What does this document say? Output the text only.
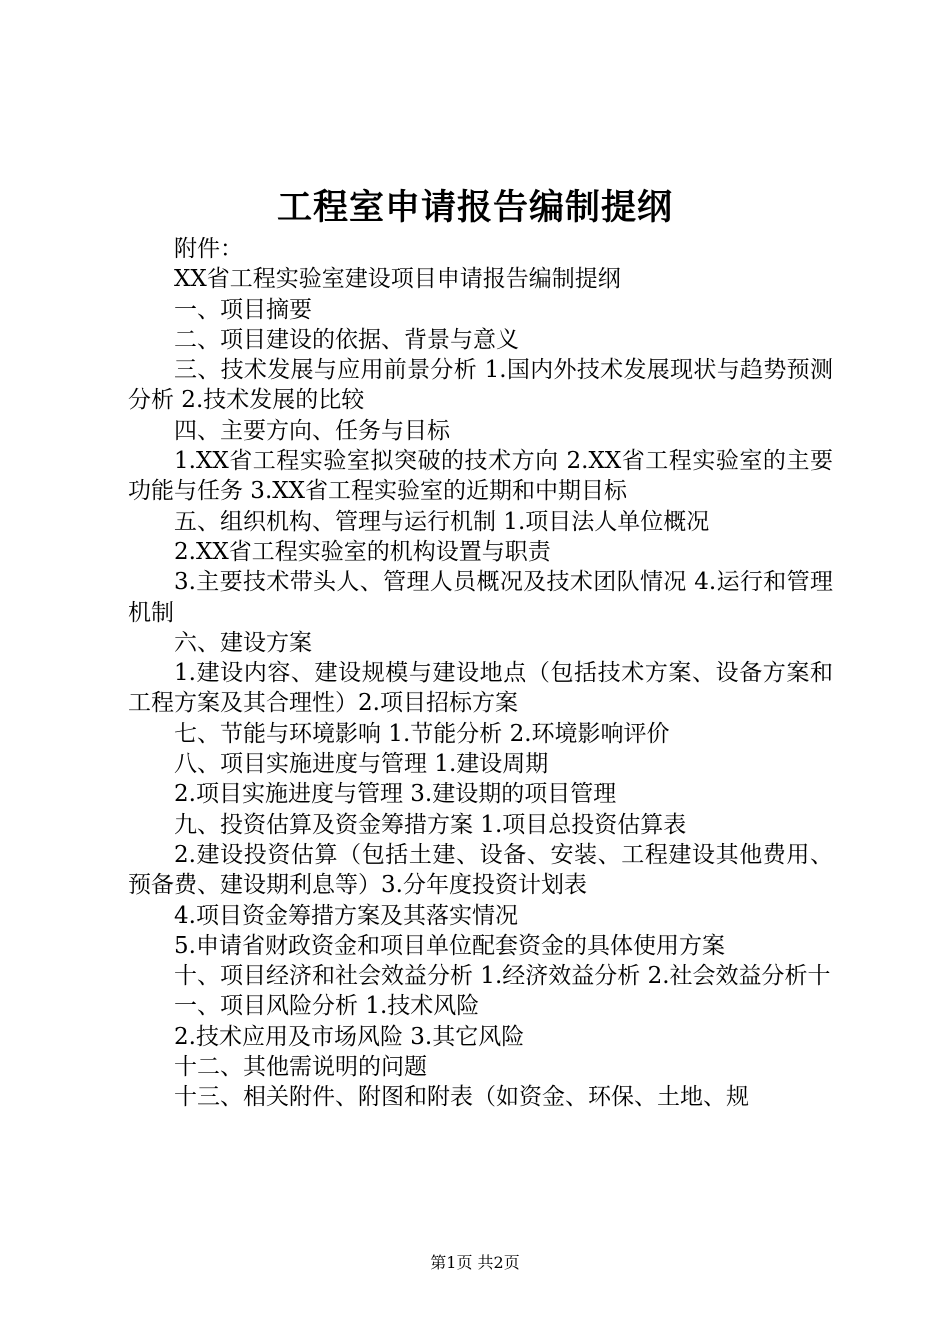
工程室申请报告编制提纲

附件：

XX省工程实验室建设项目申请报告编制提纲

一、项目摘要

二、项目建设的依据、背景与意义

三、技术发展与应用前景分析 1.国内外技术发展现状与趋势预测分析 2.技术发展的比较

四、主要方向、任务与目标

1.XX省工程实验室拟突破的技术方向 2.XX省工程实验室的主要功能与任务 3.XX省工程实验室的近期和中期目标

五、组织机构、管理与运行机制 1.项目法人单位概况

2.XX省工程实验室的机构设置与职责

3.主要技术带头人、管理人员概况及技术团队情况 4.运行和管理机制

六、建设方案

1.建设内容、建设规模与建设地点（包括技术方案、设备方案和工程方案及其合理性）2.项目招标方案

七、节能与环境影响 1.节能分析 2.环境影响评价

八、项目实施进度与管理 1.建设周期

2.项目实施进度与管理 3.建设期的项目管理

九、投资估算及资金筹措方案 1.项目总投资估算表

2.建设投资估算（包括土建、设备、安装、工程建设其他费用、预备费、建设期利息等）3.分年度投资计划表

4.项目资金筹措方案及其落实情况

5.申请省财政资金和项目单位配套资金的具体使用方案

十、项目经济和社会效益分析 1.经济效益分析 2.社会效益分析十

一、项目风险分析 1.技术风险

2.技术应用及市场风险 3.其它风险

十二、其他需说明的问题

十三、相关附件、附图和附表（如资金、环保、土地、规

第1页 共2页
